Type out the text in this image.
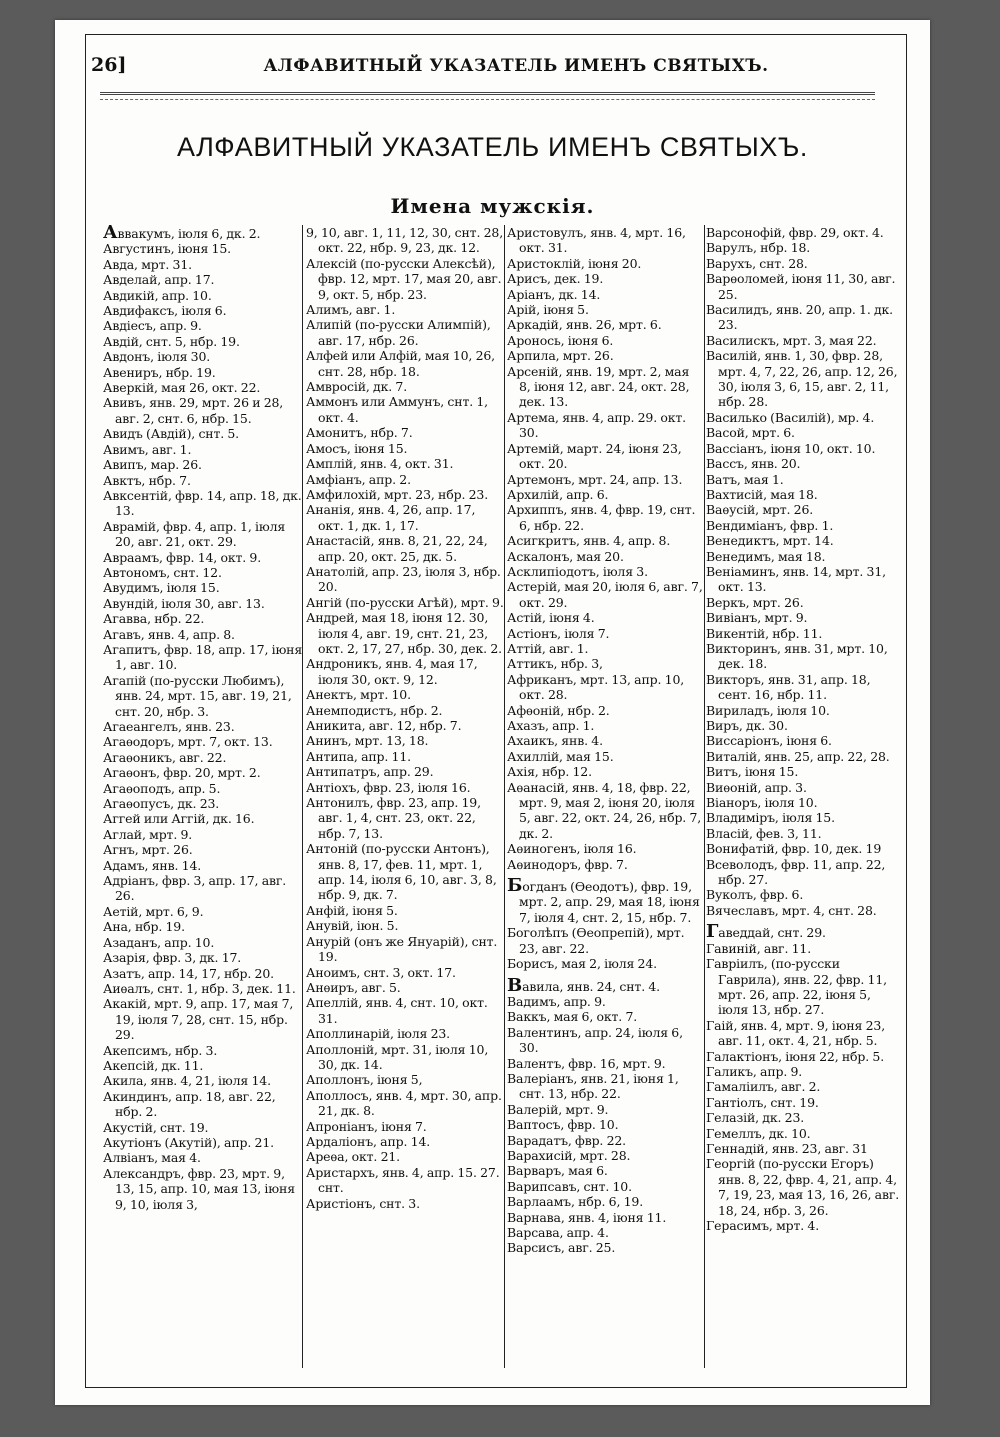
26]	АЛФАВИТНЫЙ УКАЗАТЕЛЬ ИМЕНЪ СВЯТЫХЪ.
АЛФАВИТНЫЙ УКАЗАТЕЛЬ ИМЕНЪ СВЯТЫХЪ.
Имена мужскія.
Аввакумъ, іюля 6, дк. 2.
Августинъ, іюня 15.
Авда, мрт. 31.
Авделай, апр. 17.
Авдикій, апр. 10.
Авдифаксъ, іюля 6.
Авдіесъ, апр. 9.
Авдій, снт. 5, нбр. 19.
Авдонъ, іюля 30.
Авениръ, нбр. 19.
Аверкій, мая 26, окт. 22.
Авивъ, янв. 29, мрт. 26 и 28, авг. 2, снт. 6, нбр. 15.
Авидъ (Авдій), снт. 5.
Авимъ, авг. 1.
Авипъ, мар. 26.
Авктъ, нбр. 7.
Авксентій, фвр. 14, апр. 18, дк. 13.
Аврамій, фвр. 4, апр. 1, іюля 20, авг. 21, окт. 29.
Авраамъ, фвр. 14, окт. 9.
Автономъ, снт. 12.
Авудимъ, іюля 15.
Авундій, іюля 30, авг. 13.
Агавва, нбр. 22.
Агавъ, янв. 4, апр. 8.
Агапитъ, фвр. 18, апр. 17, іюня 1, авг. 10.
Агапій (по-русски Любимъ), янв. 24, мрт. 15, авг. 19, 21, снт. 20, нбр. 3.
Агаеангелъ, янв. 23.
Агаѳодоръ, мрт. 7, окт. 13.
Агаѳоникъ, авг. 22.
Агаѳонъ, фвр. 20, мрт. 2.
Агаѳоподъ, апр. 5.
Агаѳопусъ, дк. 23.
Аггей или Аггій, дк. 16.
Аглай, мрт. 9.
Агнъ, мрт. 26.
Адамъ, янв. 14.
Адріанъ, фвр. 3, апр. 17, авг. 26.
Аетій, мрт. 6, 9.
Ана, нбр. 19.
Азаданъ, апр. 10.
Азарія, фвр. 3, дк. 17.
Азатъ, апр. 14, 17, нбр. 20.
Аиѳалъ, снт. 1, нбр. 3, дек. 11.
Акакій, мрт. 9, апр. 17, мая 7, 19, іюля 7, 28, снт. 15, нбр. 29.
Акепсимъ, нбр. 3.
Акепсій, дк. 11.
Акила, янв. 4, 21, іюля 14.
Акиндинъ, апр. 18, авг. 22, нбр. 2.
Акустій, снт. 19.
Акутіонъ (Акутій), апр. 21.
Алвіанъ, мая 4.
Александръ, фвр. 23, мрт. 9, 13, 15, апр. 10, мая 13, іюня 9, 10, іюля 3,
9, 10, авг. 1, 11, 12, 30, снт. 28, окт. 22, нбр. 9, 23, дк. 12.
Алексій (по-русски Алексѣй), фвр. 12, мрт. 17, мая 20, авг. 9, окт. 5, нбр. 23.
Алимъ, авг. 1.
Алипій (по-русски Алимпій), авг. 17, нбр. 26.
Алфей или Алфій, мая 10, 26, снт. 28, нбр. 18.
Амвросій, дк. 7.
Аммонъ или Аммунъ, снт. 1, окт. 4.
Амонитъ, нбр. 7.
Амосъ, іюня 15.
Амплій, янв. 4, окт. 31.
Амфіанъ, апр. 2.
Амфилохій, мрт. 23, нбр. 23.
Ананія, янв. 4, 26, апр. 17, окт. 1, дк. 1, 17.
Анастасій, янв. 8, 21, 22, 24, апр. 20, окт. 25, дк. 5.
Анатолій, апр. 23, іюля 3, нбр. 20.
Ангій (по-русски Агѣй), мрт. 9.
Андрей, мая 18, іюня 12. 30, іюля 4, авг. 19, снт. 21, 23, окт. 2, 17, 27, нбр. 30, дек. 2.
Андроникъ, янв. 4, мая 17, іюля 30, окт. 9, 12.
Анектъ, мрт. 10.
Анемподистъ, нбр. 2.
Аникита, авг. 12, нбр. 7.
Анинъ, мрт. 13, 18.
Антипа, апр. 11.
Антипатръ, апр. 29.
Антіохъ, фвр. 23, іюля 16.
Антонилъ, фвр. 23, апр. 19, авг. 1, 4, снт. 23, окт. 22, нбр. 7, 13.
Антоній (по-русски Антонъ), янв. 8, 17, фев. 11, мрт. 1, апр. 14, іюля 6, 10, авг. 3, 8, нбр. 9, дк. 7.
Анфій, іюня 5.
Анувій, іюн. 5.
Анурій (онъ же Януарій), снт. 19.
Аноимъ, снт. 3, окт. 17.
Анѳиръ, авг. 5.
Апеллій, янв. 4, снт. 10, окт. 31.
Аполлинарій, іюля 23.
Аполлоній, мрт. 31, іюля 10, 30, дк. 14.
Аполлонъ, іюня 5,
Аполлосъ, янв. 4, мрт. 30, апр. 21, дк. 8.
Апроніанъ, іюня 7.
Ардаліонъ, апр. 14.
Ареѳа, окт. 21.
Аристархъ, янв. 4, апр. 15. 27. снт.
Аристіонъ, снт. 3.
Аристовулъ, янв. 4, мрт. 16, окт. 31.
Аристоклій, іюня 20.
Арисъ, дек. 19.
Аріанъ, дк. 14.
Арій, іюня 5.
Аркадій, янв. 26, мрт. 6.
Аронось, іюня 6.
Арпила, мрт. 26.
Арсеній, янв. 19, мрт. 2, мая 8, іюня 12, авг. 24, окт. 28, дек. 13.
Артема, янв. 4, апр. 29. окт. 30.
Артемій, март. 24, іюня 23, окт. 20.
Артемонъ, мрт. 24, апр. 13.
Архилій, апр. 6.
Архиппъ, янв. 4, фвр. 19, снт. 6, нбр. 22.
Асигкритъ, янв. 4, апр. 8.
Аскалонъ, мая 20.
Асклипіодотъ, іюля 3.
Астерій, мая 20, іюля 6, авг. 7, окт. 29.
Астій, іюня 4.
Астіонъ, іюля 7.
Аттій, авг. 1.
Аттикъ, нбр. 3,
Африканъ, мрт. 13, апр. 10, окт. 28.
Афѳоній, нбр. 2.
Ахазъ, апр. 1.
Ахаикъ, янв. 4.
Ахиллій, мая 15.
Ахія, нбр. 12.
Аѳанасій, янв. 4, 18, фвр. 22, мрт. 9, мая 2, іюня 20, іюля 5, авг. 22, окт. 24, 26, нбр. 7, дк. 2.
Аѳиногенъ, іюля 16.
Аѳинодоръ, фвр. 7.
Богданъ (Ѳеодотъ), фвр. 19, мрт. 2, апр. 29, мая 18, іюня 7, іюля 4, снт. 2, 15, нбр. 7.
Боголѣпъ (Ѳеопрепій), мрт. 23, авг. 22.
Борисъ, мая 2, іюля 24.
Вавила, янв. 24, снт. 4.
Вадимъ, апр. 9.
Ваккъ, мая 6, окт. 7.
Валентинъ, апр. 24, іюля 6, 30.
Валентъ, фвр. 16, мрт. 9.
Валеріанъ, янв. 21, іюня 1, снт. 13, нбр. 22.
Валерій, мрт. 9.
Ваптосъ, фвр. 10.
Варадатъ, фвр. 22.
Варахисій, мрт. 28.
Варваръ, мая 6.
Варипсавъ, снт. 10.
Варлаамъ, нбр. 6, 19.
Варнава, янв. 4, іюня 11.
Варсава, апр. 4.
Варсисъ, авг. 25.
Варсонофій, фвр. 29, окт. 4.
Варулъ, нбр. 18.
Варухъ, снт. 28.
Варѳоломей, іюня 11, 30, авг. 25.
Василидъ, янв. 20, апр. 1. дк. 23.
Василискъ, мрт. 3, мая 22.
Василій, янв. 1, 30, фвр. 28, мрт. 4, 7, 22, 26, апр. 12, 26, 30, іюля 3, 6, 15, авг. 2, 11, нбр. 28.
Василько (Василій), мр. 4.
Васой, мрт. 6.
Вассіанъ, іюня 10, окт. 10.
Вассъ, янв. 20.
Ватъ, мая 1.
Вахтисій, мая 18.
Ваѳусій, мрт. 26.
Вендиміанъ, фвр. 1.
Венедиктъ, мрт. 14.
Венедимъ, мая 18.
Веніаминъ, янв. 14, мрт. 31, окт. 13.
Веркъ, мрт. 26.
Вивіанъ, мрт. 9.
Викентій, нбр. 11.
Викторинъ, янв. 31, мрт. 10, дек. 18.
Викторъ, янв. 31, апр. 18, сент. 16, нбр. 11.
Вириладъ, іюля 10.
Виръ, дк. 30.
Виссаріонъ, іюня 6.
Виталій, янв. 25, апр. 22, 28.
Витъ, іюня 15.
Виѳоній, апр. 3.
Віаноръ, іюля 10.
Владиміръ, іюля 15.
Власій, фев. 3, 11.
Вонифатій, фвр. 10, дек. 19
Всеволодъ, фвр. 11, апр. 22, нбр. 27.
Вуколъ, фвр. 6.
Вячеславъ, мрт. 4, снт. 28.
Гаведдай, снт. 29.
Гавиній, авг. 11.
Гавріилъ, (по-русски Гаврила), янв. 22, фвр. 11, мрт. 26, апр. 22, іюня 5, іюля 13, нбр. 27.
Гаій, янв. 4, мрт. 9, іюня 23, авг. 11, окт. 4, 21, нбр. 5.
Галактіонъ, іюня 22, нбр. 5.
Галикъ, апр. 9.
Гамаліилъ, авг. 2.
Гантіолъ, снт. 19.
Гелазій, дк. 23.
Гемеллъ, дк. 10.
Геннадій, янв. 23, авг. 31
Георгій (по-русски Егоръ) янв. 8, 22, фвр. 4, 21, апр. 4, 7, 19, 23, мая 13, 16, 26, авг. 18, 24, нбр. 3, 26.
Герасимъ, мрт. 4.
